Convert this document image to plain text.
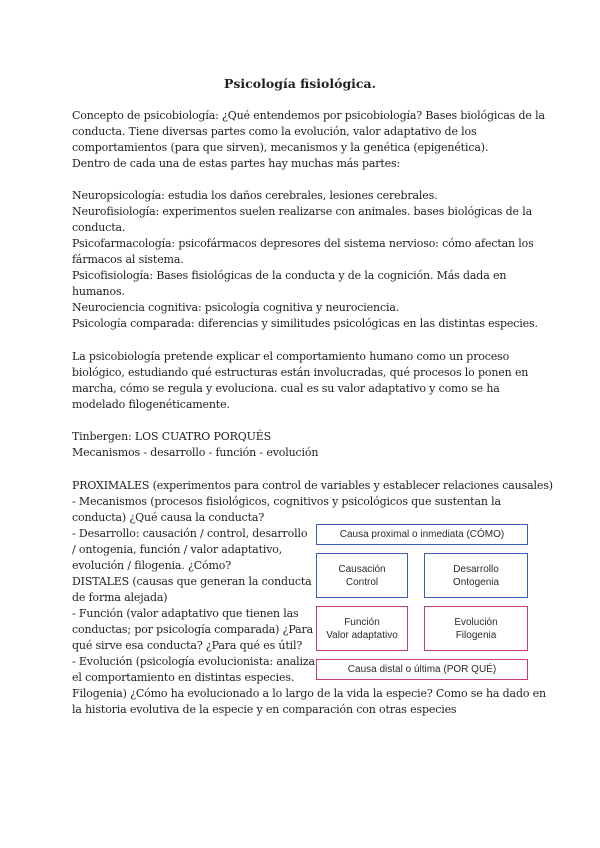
Psicología fisiológica.
Concepto de psicobiología: ¿Qué entendemos por psicobiología? Bases biológicas de la
conducta. Tiene diversas partes como la evolución, valor adaptativo de los
comportamientos (para que sirven), mecanismos y la genética (epigenética).
Dentro de cada una de estas partes hay muchas más partes:
Neuropsicología: estudia los daños cerebrales, lesiones cerebrales.
Neurofisiología: experimentos suelen realizarse con animales. bases biológicas de la
conducta.
Psicofarmacología: psicofármacos depresores del sistema nervioso: cómo afectan los
fármacos al sistema.
Psicofisiología: Bases fisiológicas de la conducta y de la cognición. Más dada en
humanos.
Neurociencia cognitiva: psicología cognitiva y neurociencia.
Psicología comparada: diferencias y similitudes psicológicas en las distintas especies.
La psicobiología pretende explicar el comportamiento humano como un proceso
biológico, estudiando qué estructuras están involucradas, qué procesos lo ponen en
marcha, cómo se regula y evoluciona. cual es su valor adaptativo y como se ha
modelado filogenéticamente.
Tinbergen: LOS CUATRO PORQUÉS
Mecanismos - desarrollo - función - evolución
PROXIMALES (experimentos para control de variables y establecer relaciones causales)
- Mecanismos (procesos fisiológicos, cognitivos y psicológicos que sustentan la
conducta) ¿Qué causa la conducta?
- Desarrollo: causación / control, desarrollo
/ ontogenia, función / valor adaptativo,
evolución / filogenia. ¿Cómo?
DISTALES (causas que generan la conducta
de forma alejada)
- Función (valor adaptativo que tienen las
conductas; por psicología comparada) ¿Para
qué sirve esa conducta? ¿Para qué es útil?
- Evolución (psicología evolucionista: analiza
el comportamiento en distintas especies.
Filogenia) ¿Cómo ha evolucionado a lo largo de la vida la especie? Como se ha dado en
la historia evolutiva de la especie y en comparación con otras especies
Causa proximal o inmediata (CÓMO)
Causación
Control
Desarrollo
Ontogenia
Función
Valor adaptativo
Evolución
Filogenia
Causa distal o última (POR QUÉ)
